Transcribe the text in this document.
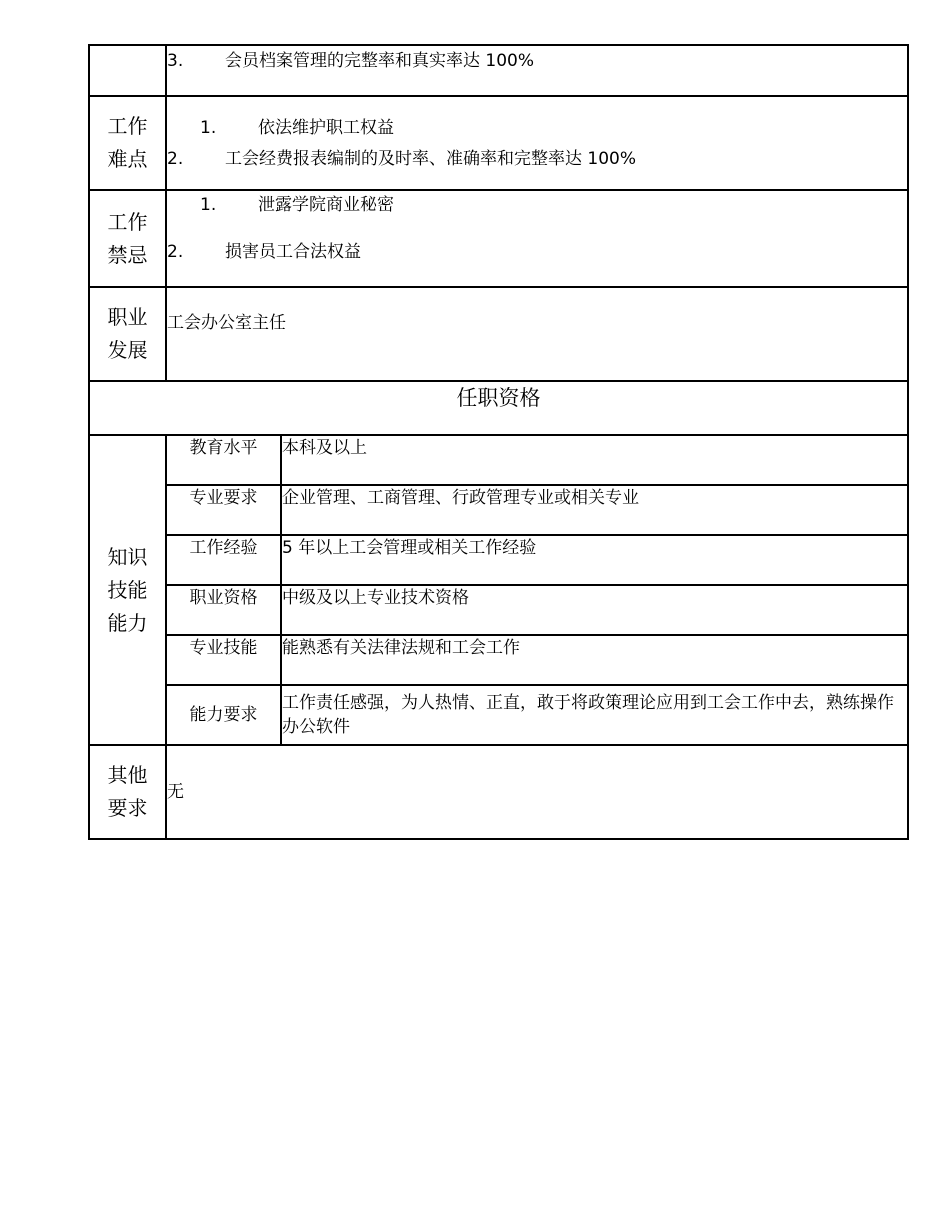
	3. 会员档案管理的完整率和真实率达 100%	

工作难点	1. 依法维护职工权益
2. 工会经费报表编制的及时率、准确率和完整率达 100%	

工作禁忌	1. 泄露学院商业秘密
2. 损害员工合法权益	

职业发展	工会办公室主任	

任职资格		

知识技能能力	教育水平	本科及以上
	专业要求	企业管理、工商管理、行政管理专业或相关专业
	工作经验	5 年以上工会管理或相关工作经验
	职业资格	中级及以上专业技术资格
	专业技能	能熟悉有关法律法规和工会工作
	能力要求	工作责任感强，为人热情、正直，敢于将政策理论应用到工会工作中去，熟练操作办公软件

其他要求	无	
